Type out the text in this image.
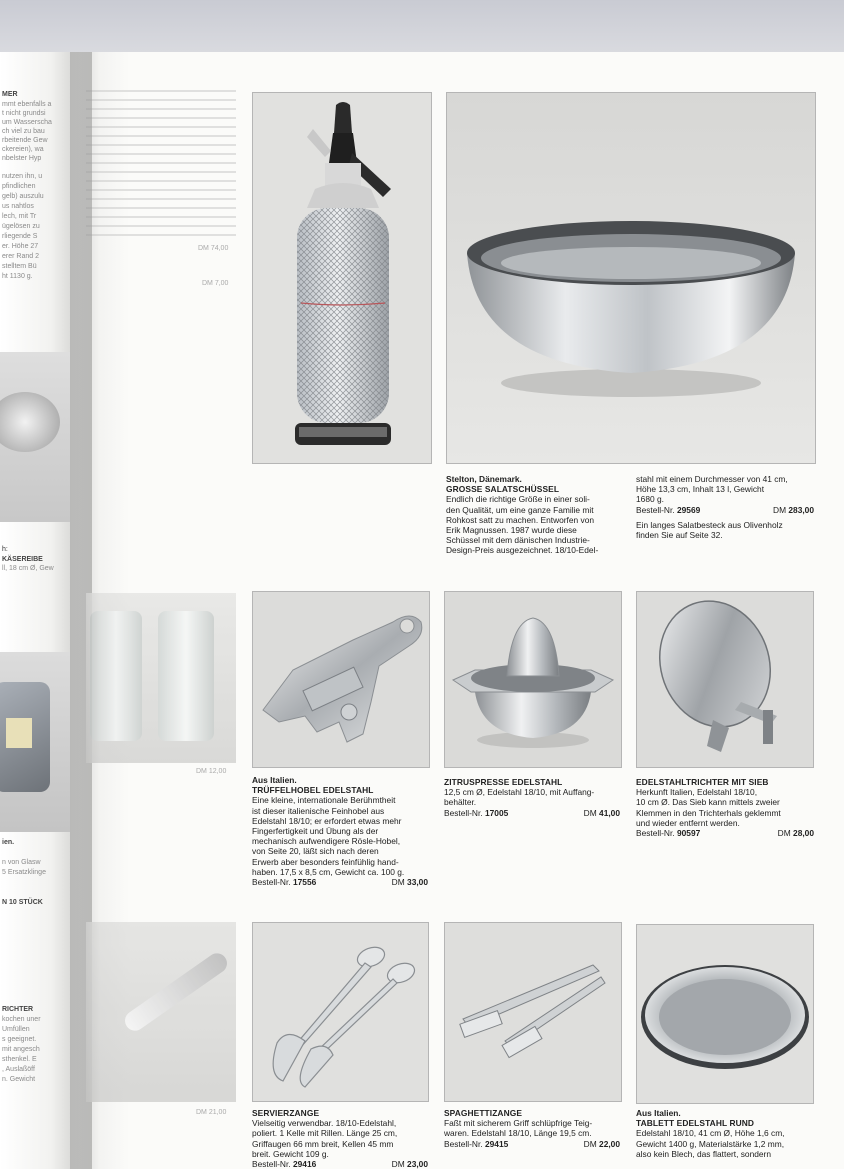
MER
mmt ebenfalls a
t nicht grundsi
um Wasserscha
ch viel zu bau
rbeitende Gew
ckereien), wa
nbelster Hyp
nutzen ihn, u
pfindlichen
gelb) auszulu
us nahtlos
lech, mit Tr
ügelösen zu
rliegende S
er. Höhe 27
erer Rand 2
stelltem Bü
ht 1130 g.
h:
KÄSEREIBE
ll, 18 cm Ø, Gew
ien.
n von Glasw
5 Ersatzklinge
N 10 STÜCK
RICHTER
kochen uner
Umfüllen
s geeignet.
mit angesch
sthenkel. E
, Auslaßöff
n. Gewicht
DM 74,00
DM 7,00
DM 12,00
DM 21,00
Stelton, Dänemark.
GROSSE SALATSCHÜSSEL
Endlich die richtige Größe in einer soli-
den Qualität, um eine ganze Familie mit
Rohkost satt zu machen. Entworfen von
Erik Magnussen. 1987 wurde diese
Schüssel mit dem dänischen Industrie-
Design-Preis ausgezeichnet. 18/10-Edel-
stahl mit einem Durchmesser von 41 cm,
Höhe 13,3 cm, Inhalt 13 l, Gewicht
1680 g.
Bestell-Nr. 29569	DM 283,00
Ein langes Salatbesteck aus Olivenholz
finden Sie auf Seite 32.
Aus Italien.
TRÜFFELHOBEL EDELSTAHL
Eine kleine, internationale Berühmtheit
ist dieser italienische Feinhobel aus
Edelstahl 18/10; er erfordert etwas mehr
Fingerfertigkeit und Übung als der
mechanisch aufwendigere Rösle-Hobel,
von Seite 20, läßt sich nach deren
Erwerb aber besonders feinfühlig hand-
haben. 17,5 x 8,5 cm, Gewicht ca. 100 g.
Bestell-Nr. 17556	DM 33,00
ZITRUSPRESSE EDELSTAHL
12,5 cm Ø, Edelstahl 18/10, mit Auffang-
behälter.
Bestell-Nr. 17005	DM 41,00
EDELSTAHLTRICHTER MIT SIEB
Herkunft Italien, Edelstahl 18/10,
10 cm Ø. Das Sieb kann mittels zweier
Klemmen in den Trichterhals geklemmt
und wieder entfernt werden.
Bestell-Nr. 90597	DM 28,00
SERVIERZANGE
Vielseitig verwendbar. 18/10-Edelstahl,
poliert. 1 Kelle mit Rillen. Länge 25 cm,
Griffaugen 66 mm breit, Kellen 45 mm
breit. Gewicht 109 g.
Bestell-Nr. 29416	DM 23,00
SPAGHETTIZANGE
Faßt mit sicherem Griff schlüpfrige Teig-
waren. Edelstahl 18/10, Länge 19,5 cm.
Bestell-Nr. 29415	DM 22,00
Aus Italien.
TABLETT EDELSTAHL RUND
Edelstahl 18/10, 41 cm Ø, Höhe 1,6 cm,
Gewicht 1400 g, Materialstärke 1,2 mm,
also kein Blech, das flattert, sondern
